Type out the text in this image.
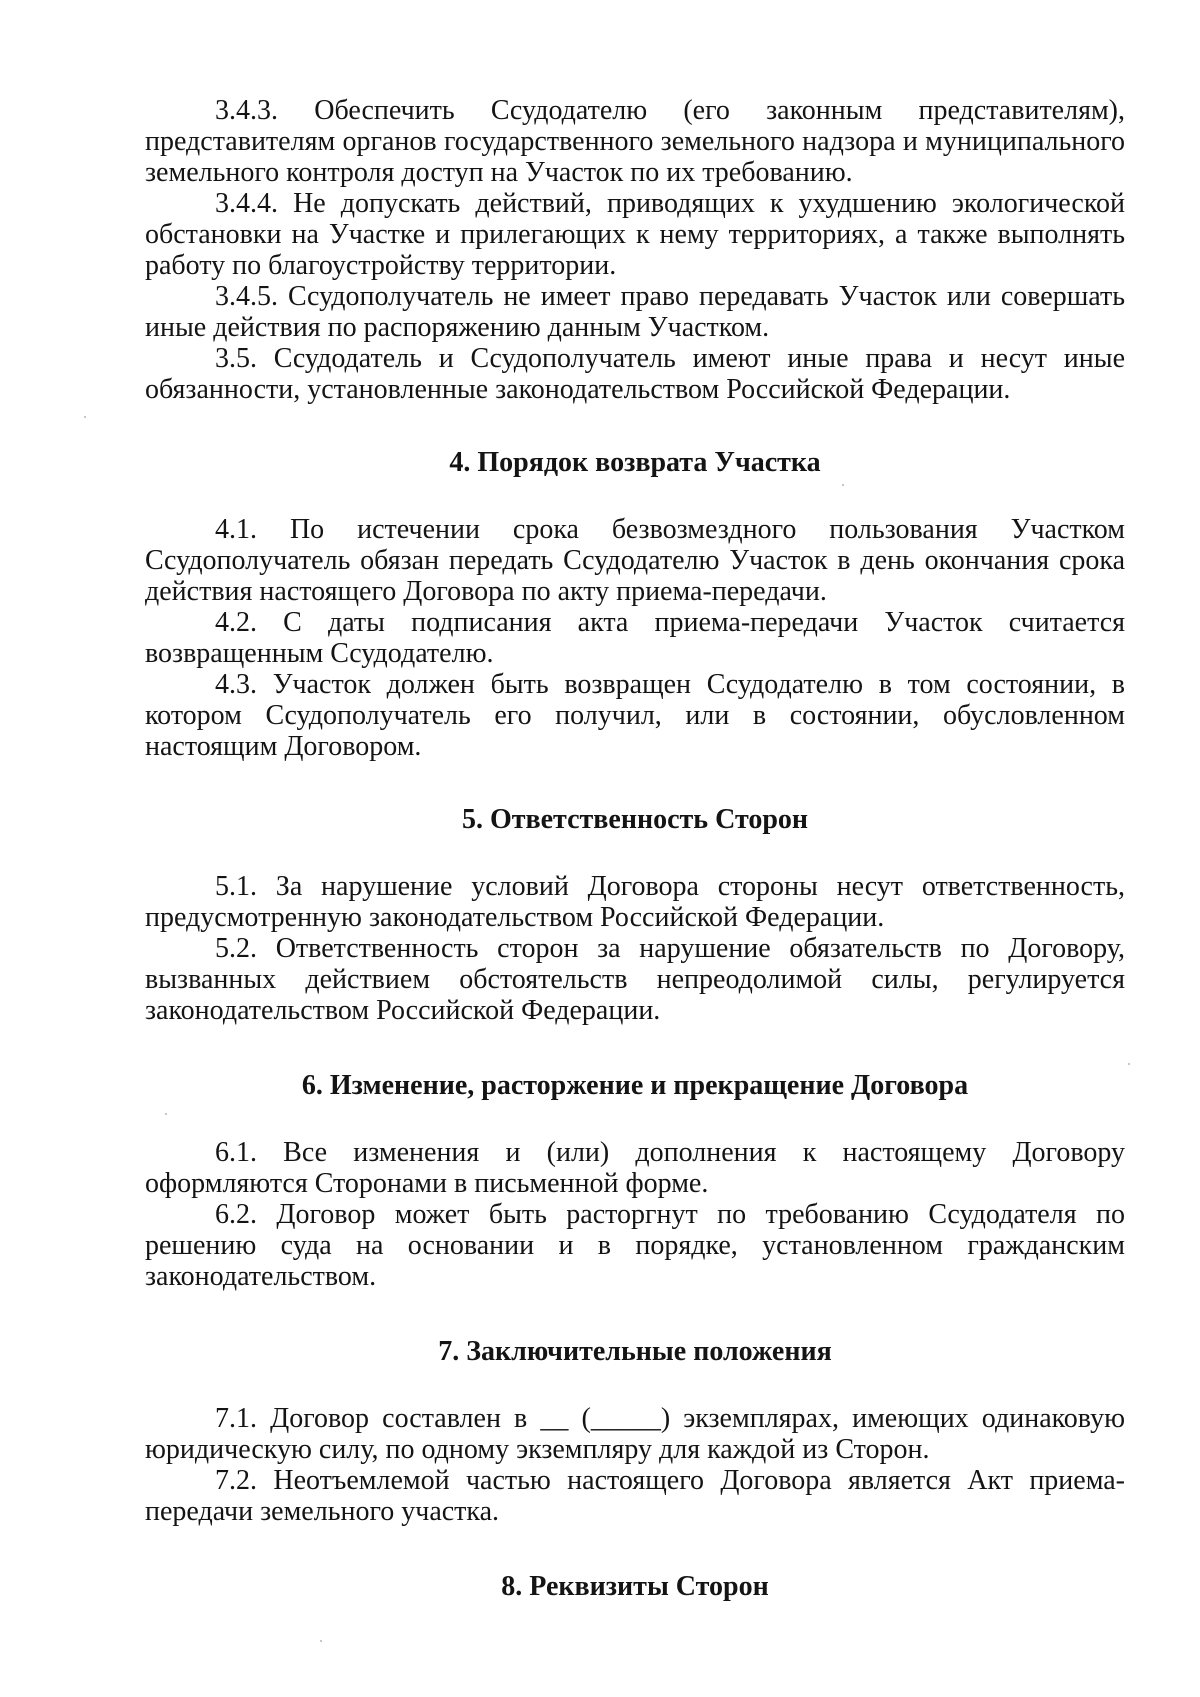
3.4.3. Обеспечить Ссудодателю (его законным представителям), представителям органов государственного земельного надзора и муниципального земельного контроля доступ на Участок по их требованию.

3.4.4. Не допускать действий, приводящих к ухудшению экологической обстановки на Участке и прилегающих к нему территориях, а также выполнять работу по благоустройству территории.

3.4.5. Ссудополучатель не имеет право передавать Участок или совершать иные действия по распоряжению данным Участком.

3.5. Ссудодатель и Ссудополучатель имеют иные права и несут иные обязанности, установленные законодательством Российской Федерации.

4. Порядок возврата Участка

4.1. По истечении срока безвозмездного пользования Участком Ссудополучатель обязан передать Ссудодателю Участок в день окончания срока действия настоящего Договора по акту приема-передачи.

4.2. С даты подписания акта приема-передачи Участок считается возвращенным Ссудодателю.

4.3. Участок должен быть возвращен Ссудодателю в том состоянии, в котором Ссудополучатель его получил, или в состоянии, обусловленном настоящим Договором.

5. Ответственность Сторон

5.1. За нарушение условий Договора стороны несут ответственность, предусмотренную законодательством Российской Федерации.

5.2. Ответственность сторон за нарушение обязательств по Договору, вызванных действием обстоятельств непреодолимой силы, регулируется законодательством Российской Федерации.

6. Изменение, расторжение и прекращение Договора

6.1. Все изменения и (или) дополнения к настоящему Договору оформляются Сторонами в письменной форме.

6.2. Договор может быть расторгнут по требованию Ссудодателя по решению суда на основании и в порядке, установленном гражданским законодательством.

7. Заключительные положения

7.1. Договор составлен в __ (_____) экземплярах, имеющих одинаковую юридическую силу, по одному экземпляру для каждой из Сторон.

7.2. Неотъемлемой частью настоящего Договора является Акт приема-передачи земельного участка.

8. Реквизиты Сторон
